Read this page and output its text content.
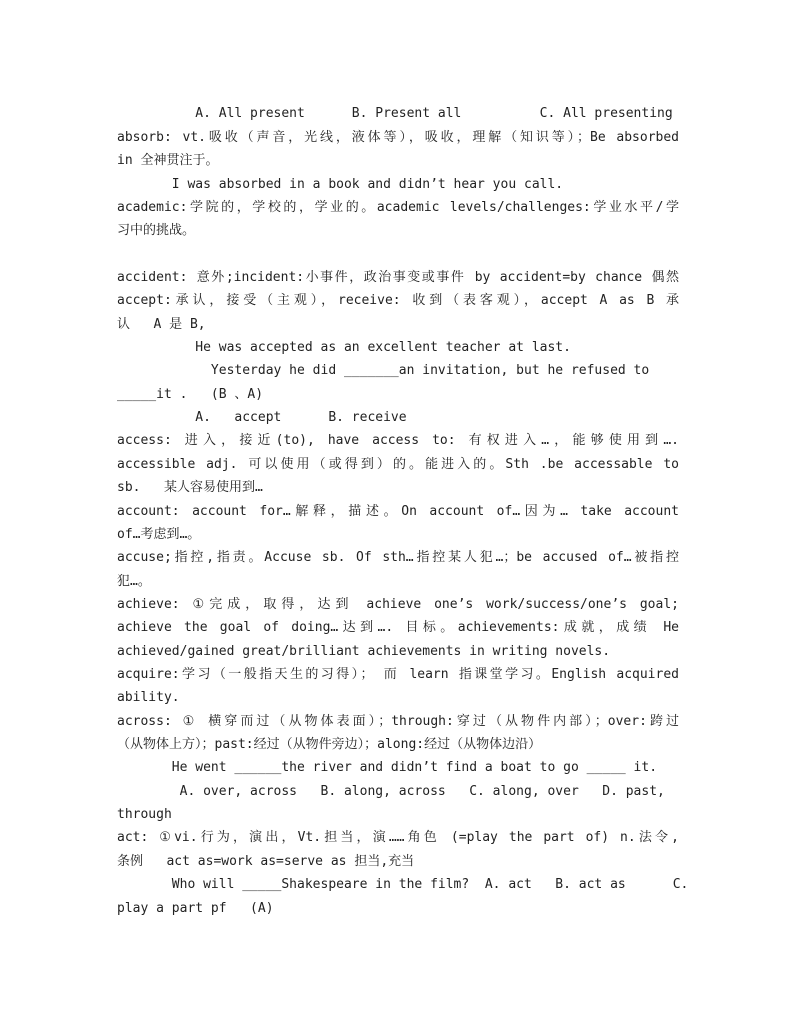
A. All present      B. Present all          C. All presenting
absorb: vt.吸收（声音，光线，液体等），吸收，理解（知识等）；Be absorbed
in 全神贯注于。
I was absorbed in a book and didn’t hear you call.
academic:学院的，学校的，学业的。academic levels/challenges:学业水平/学
习中的挑战。
accident: 意外;incident:小事件，政治事变或事件 by accident=by chance 偶然
accept:承认，接受（主观），receive: 收到（表客观），accept A as B 承
认   A 是 B,
He was accepted as an excellent teacher at last.
Yesterday he did _______an invitation, but he refused to
_____it .   (B 、A)
A.   accept      B. receive
access: 进入，接近(to), have access to: 有权进入…，能够使用到….
accessible adj. 可以使用（或得到）的。能进入的。Sth .be accessable to
sb.   某人容易使用到…
account: account for…解释，描述。On account of…因为… take account
of…考虑到…。
accuse;指控,指责。Accuse sb. Of sth…指控某人犯…；be accused of…被指控
犯…。
achieve: ①完成，取得，达到 achieve one’s work/success/one’s goal;
achieve the goal of doing…达到…. 目标。achievements:成就，成绩 He
achieved/gained great/brilliant achievements in writing novels.
acquire:学习（一般指天生的习得）； 而 learn 指课堂学习。English acquired
ability.
across: ① 横穿而过（从物体表面）；through:穿过（从物件内部）；over:跨过
（从物体上方）；past:经过（从物件旁边）；along:经过（从物体边沿）
He went ______the river and didn’t find a boat to go _____ it.
A. over, across   B. along, across   C. along, over   D. past,
through
act: ①vi.行为，演出，Vt.担当，演……角色 (=play the part of) n.法令,
条例   act as=work as=serve as 担当,充当
Who will _____Shakespeare in the film?  A. act   B. act as      C.
play a part pf   (A)
